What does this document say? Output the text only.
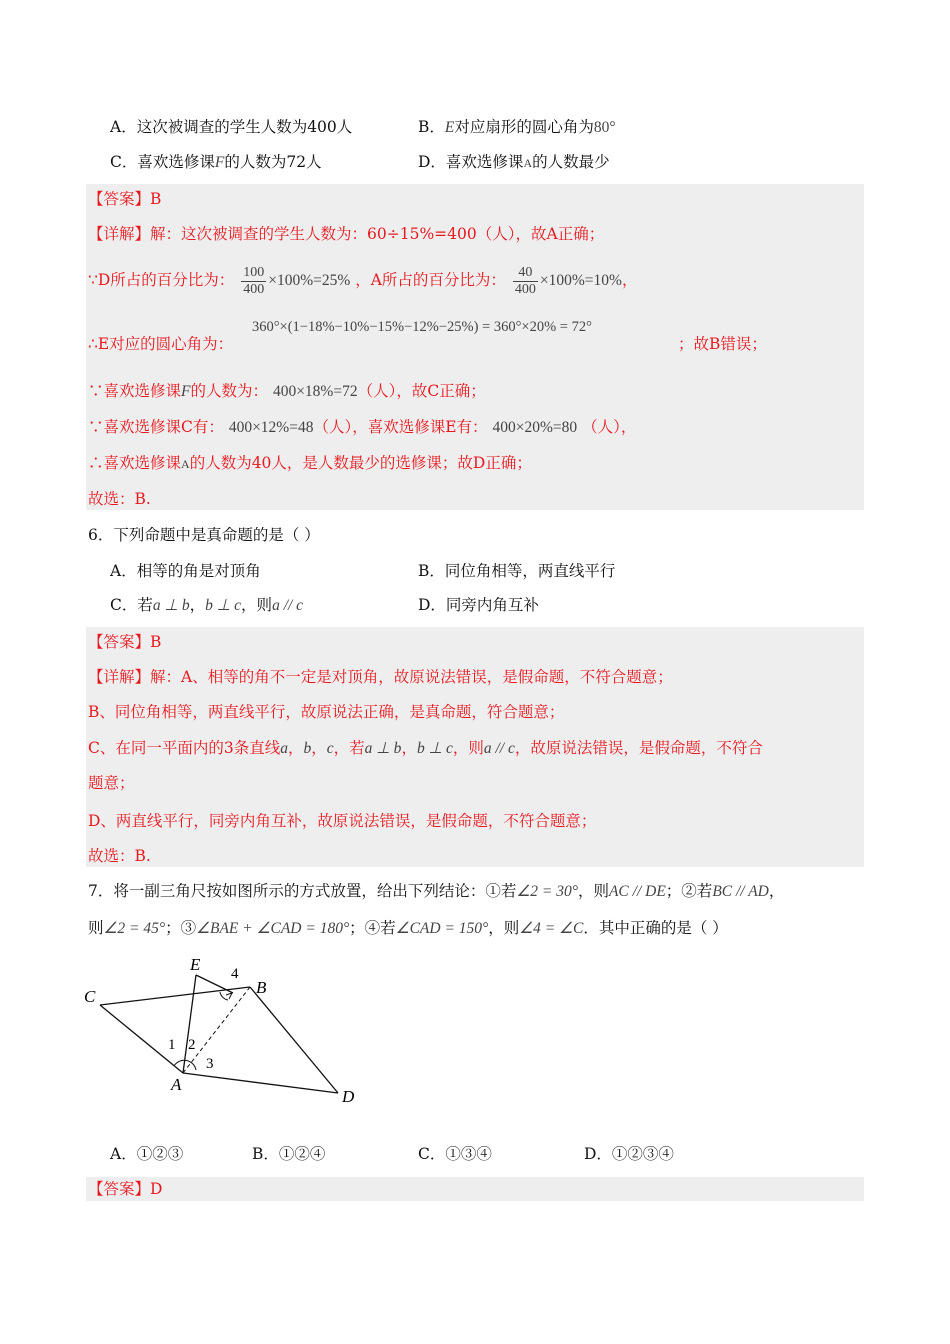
A．这次被调查的学生人数为400人	B．E对应扇形的圆心角为80°
C．喜欢选修课F的人数为72人	D．喜欢选修课A的人数最少
【答案】B
【详解】解：这次被调查的学生人数为：60÷15%=400（人），故A正确；
∵D所占的百分比为： $\frac{100}{400} \times 100\%=25\%$ ，A所占的百分比为： $\frac{40}{400} \times 100\%=10\%$，
360°×(1−18%−10%−15%−12%−25%) = 360°×20% = 72°
∴E对应的圆心角为：	；故B错误；
∵喜欢选修课F的人数为： 400×18%=72（人），故C正确；
∵喜欢选修课C有： 400×12%=48（人），喜欢选修课E有： 400×20%=80 （人），
∴喜欢选修课A的人数为40人，是人数最少的选修课；故D正确；
故选：B.
6．下列命题中是真命题的是（ ）
A．相等的角是对顶角	B．同位角相等，两直线平行
C．若a ⊥ b，b ⊥ c，则a // c	D．同旁内角互补
【答案】B
【详解】解：A、相等的角不一定是对顶角，故原说法错误，是假命题，不符合题意；
B、同位角相等，两直线平行，故原说法正确，是真命题，符合题意；
C、在同一平面内的3条直线a，b，c，若a ⊥ b，b ⊥ c，则a // c，故原说法错误，是假命题，不符合
题意；
D、两直线平行，同旁内角互补，故原说法错误，是假命题，不符合题意；
故选：B.
7．将一副三角尺按如图所示的方式放置，给出下列结论：①若∠2 = 30°，则AC // DE；②若BC // AD，
则∠2 = 45°；③∠BAE + ∠CAD = 180°；④若∠CAD = 150°，则∠4 = ∠C．其中正确的是（ ）
E 4
B
C
1 2
3
A
D
A．①②③	B．①②④	C．①③④	D．①②③④
【答案】D
